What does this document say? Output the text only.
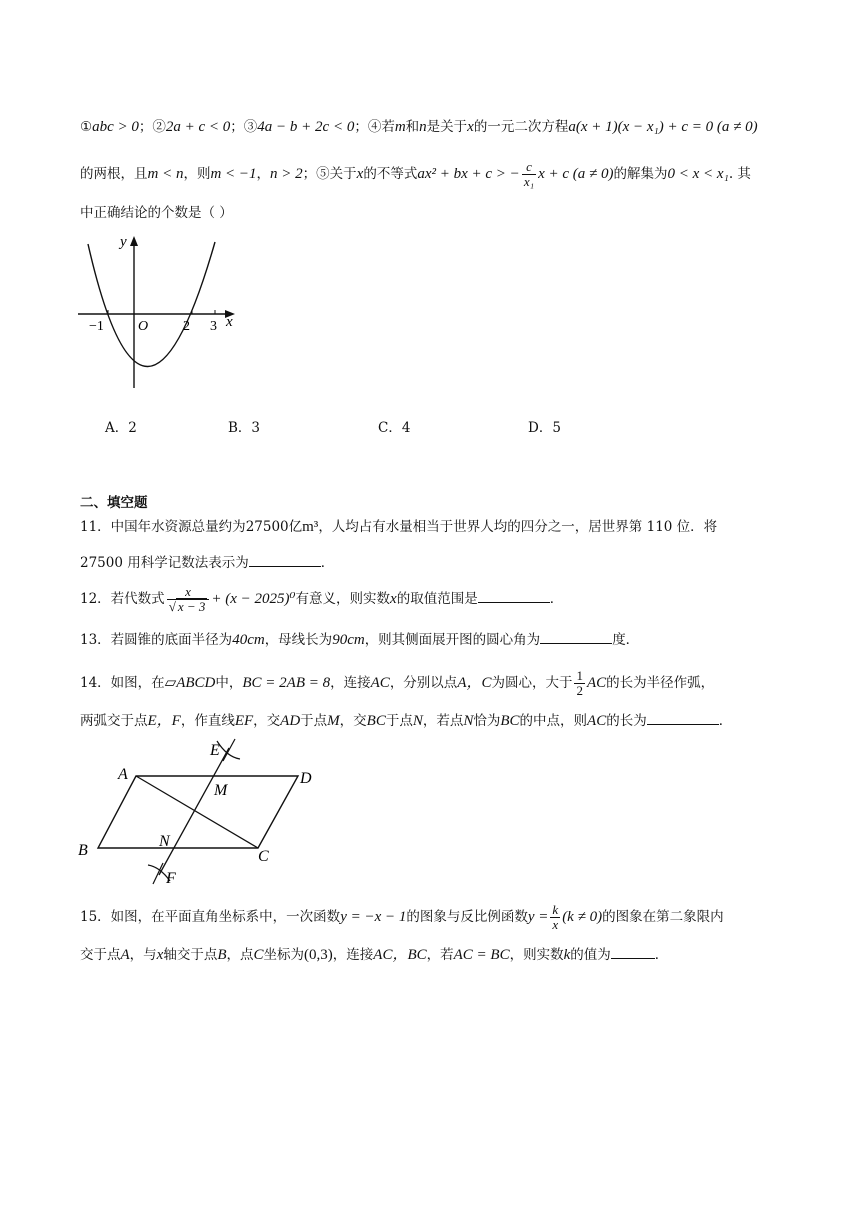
①abc > 0；②2a + c < 0；③4a − b + 2c < 0；④若m和n是关于x的一元二次方程a(x + 1)(x − x₁) + c = 0 (a ≠ 0)
的两根，且m < n，则m < −1，n > 2；⑤关于x的不等式ax² + bx + c > − $\frac{c}{\text{x₁}}$ x + c (a ≠ 0)的解集为0 < x < x₁. 其
中正确结论的个数是（ ）
y
x
O
−1	2 3
A．2	B．3	C．4	D．5
二、填空题
11．中国年水资源总量约为27500亿m³，人均占有水量相当于世界人均的四分之一，居世界第 110 位．将
27500 用科学记数法表示为	．
12．若代数式 $\frac{x}{√ x - 3} + (x - 2025)^0$有意义，则实数x的取值范围是	．
13．若圆锥的底面半径为40cm，母线长为90cm，则其侧面展开图的圆心角为	度．
14．如图，在▱ABCD中，BC = 2AB = 8，连接AC，分别以点A，C为圆心，大于 $\frac{1}{2}$ AC的长为半径作弧，
两弧交于点E，F，作直线EF，交AD于点M，交BC于点N，若点N恰为BC的中点，则AC的长为	．
A	D
B	C
E
M
N
F
15．如图，在平面直角坐标系中，一次函数y = −x − 1的图象与反比例函数$y = \frac{k}{x} (k \ne 0)$的图象在第二象限内
交于点A，与x轴交于点B，点C坐标为(0,3)，连接AC，BC，若AC = BC，则实数k的值为	．
